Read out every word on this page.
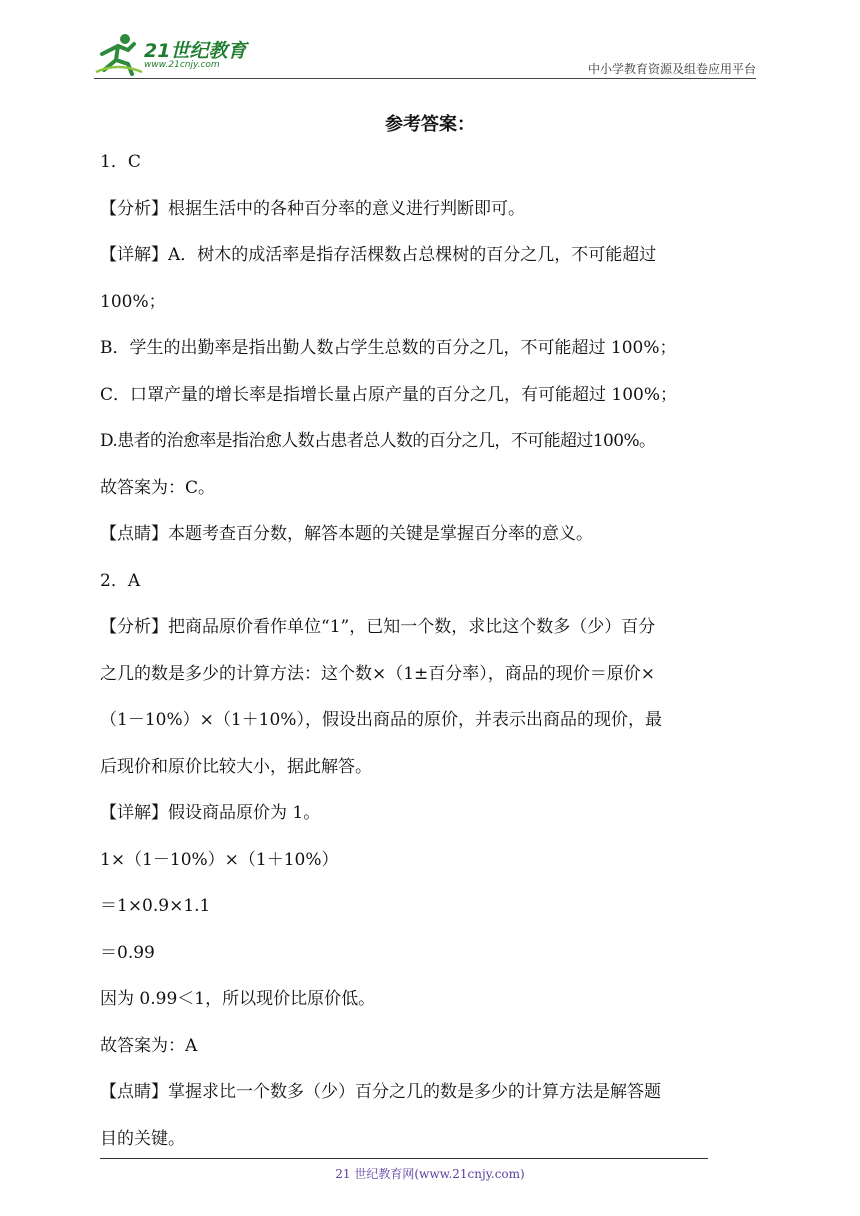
21世纪教育
www.21cnjy.com	中小学教育资源及组卷应用平台
参考答案：
1．C
【分析】根据生活中的各种百分率的意义进行判断即可。
【详解】A．树木的成活率是指存活棵数占总棵树的百分之几，不可能超过
100%；
B．学生的出勤率是指出勤人数占学生总数的百分之几，不可能超过 100%；
C．口罩产量的增长率是指增长量占原产量的百分之几，有可能超过 100%；
D.患者的治愈率是指治愈人数占患者总人数的百分之几，不可能超过100%。
故答案为：C。
【点睛】本题考查百分数，解答本题的关键是掌握百分率的意义。
2．A
【分析】把商品原价看作单位“1”，已知一个数，求比这个数多（少）百分
之几的数是多少的计算方法：这个数×（1±百分率），商品的现价＝原价×
（1－10%）×（1＋10%），假设出商品的原价，并表示出商品的现价，最
后现价和原价比较大小，据此解答。
【详解】假设商品原价为 1。
1×（1－10%）×（1＋10%）
＝1×0.9×1.1
＝0.99
因为 0.99＜1，所以现价比原价低。
故答案为：A
【点睛】掌握求比一个数多（少）百分之几的数是多少的计算方法是解答题
目的关键。
21 世纪教育网(www.21cnjy.com)
